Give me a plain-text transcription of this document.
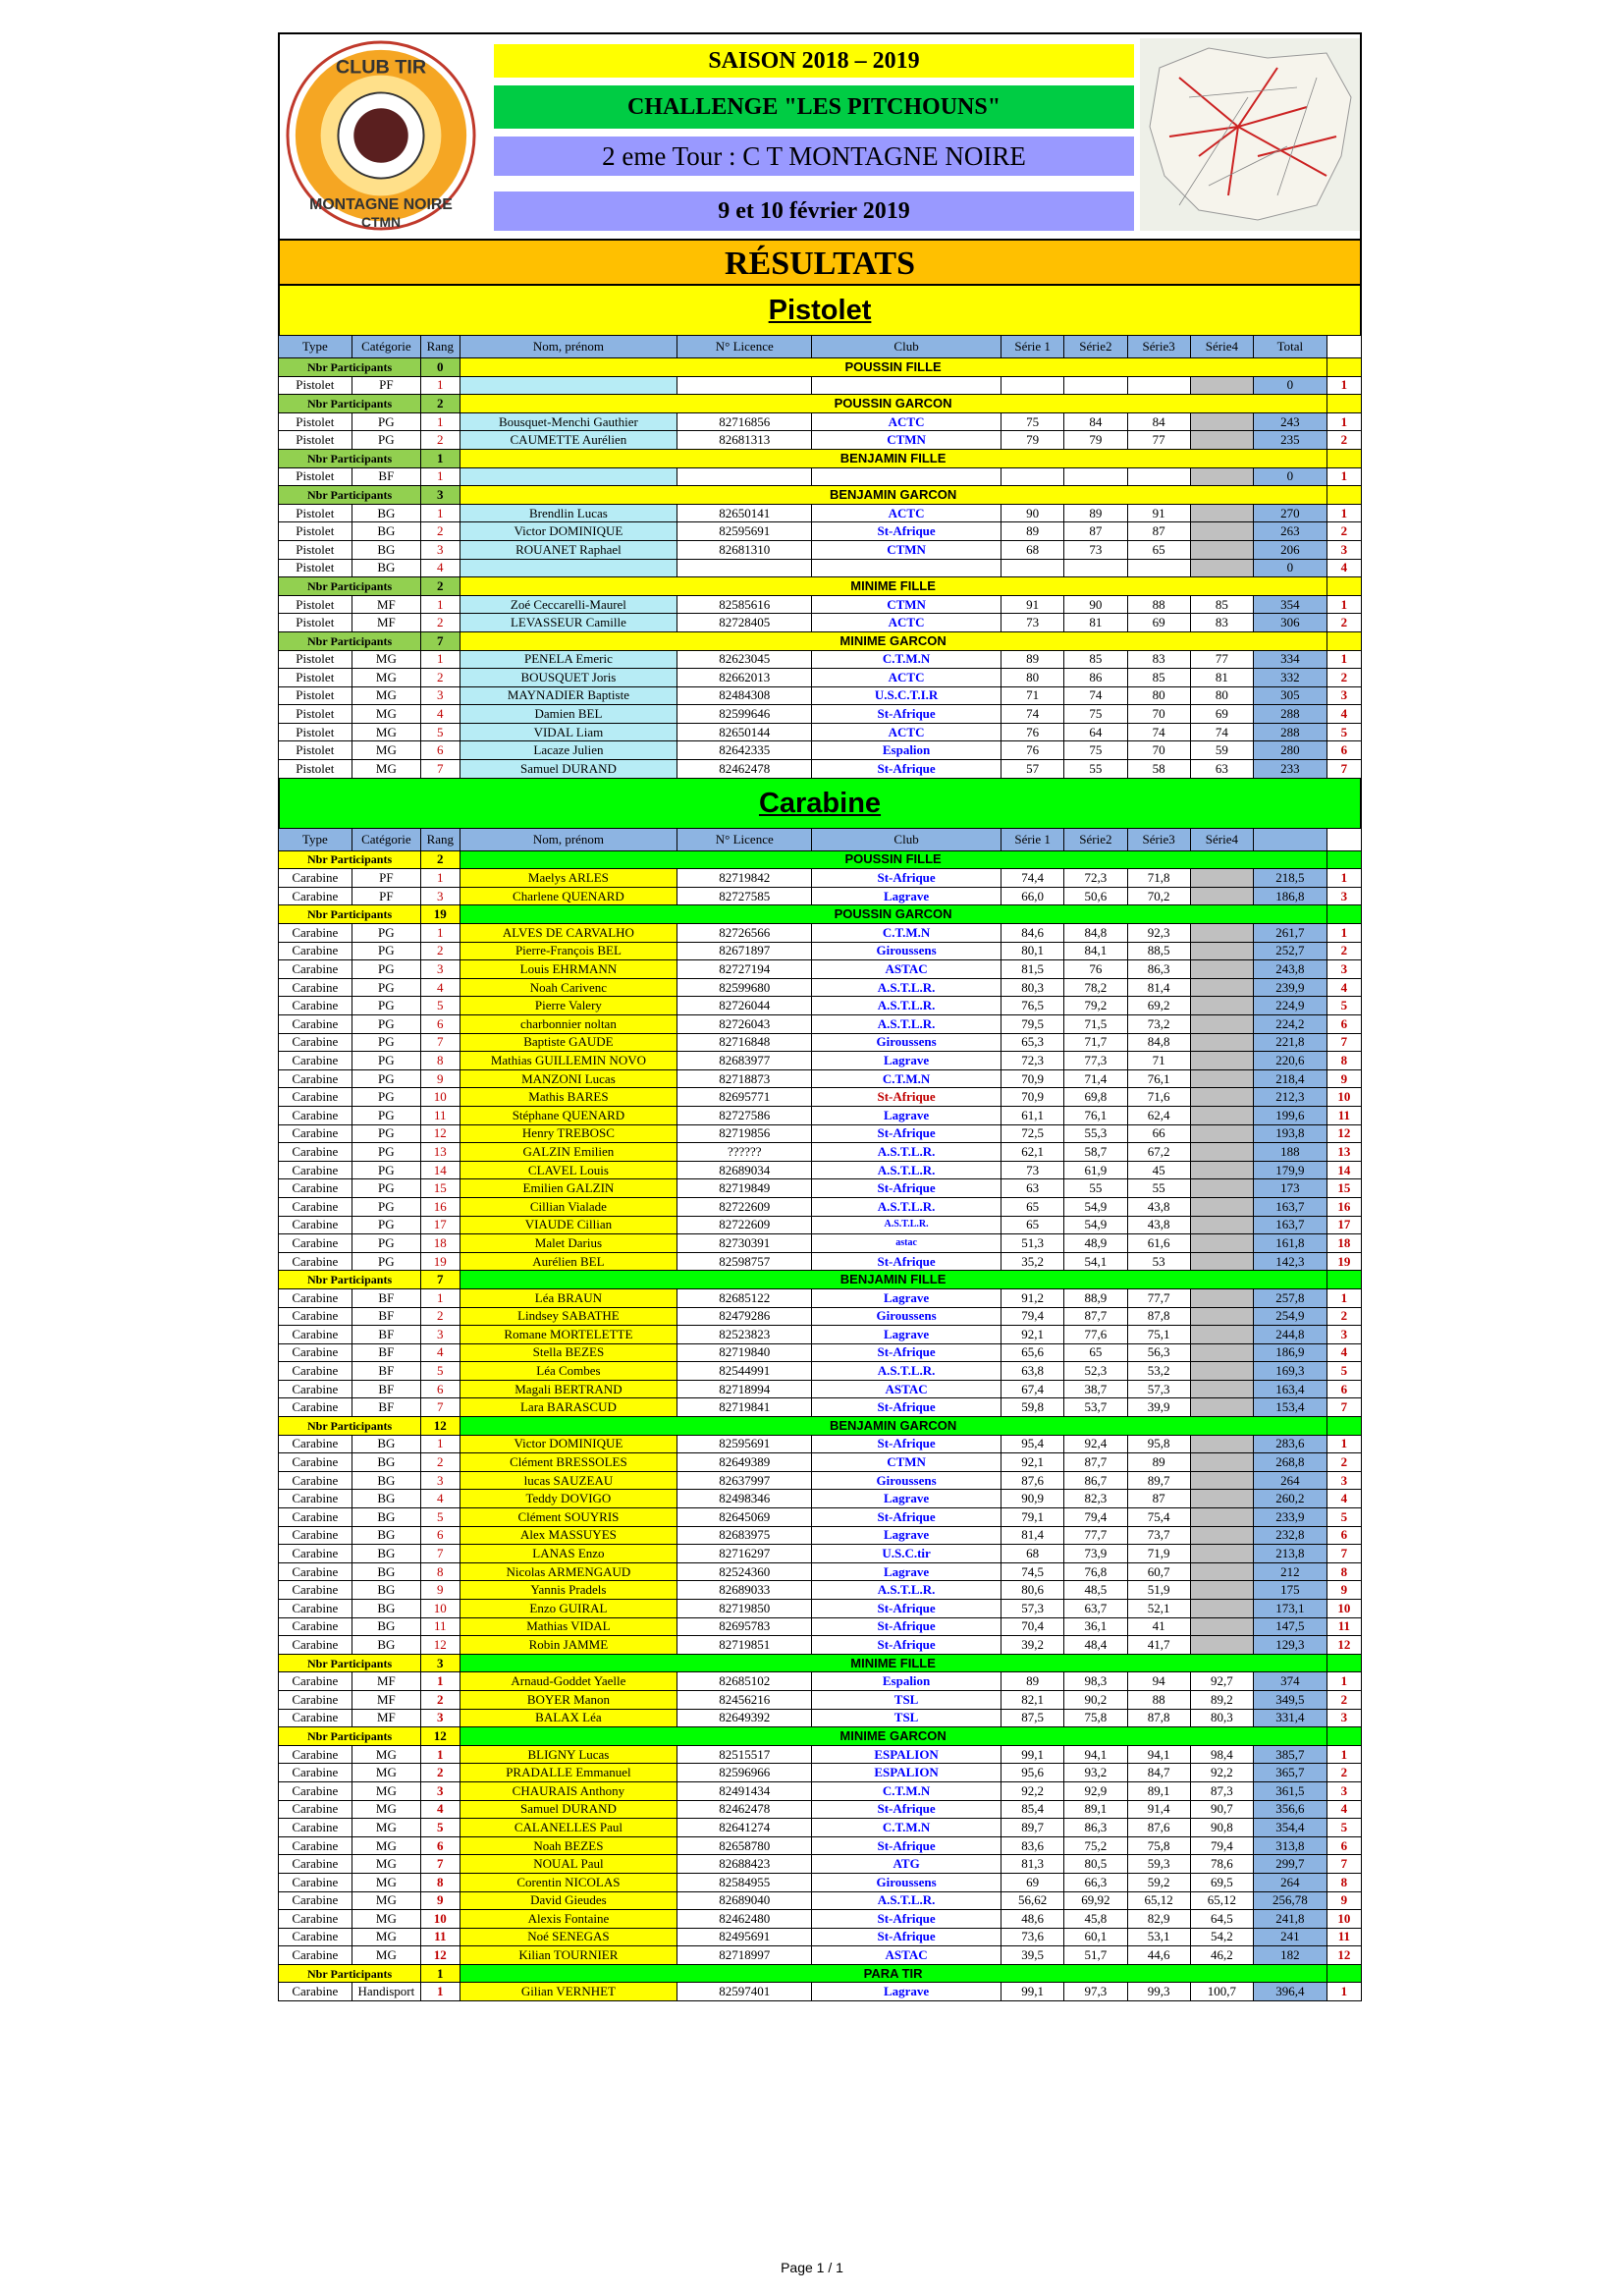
CLUB TIR
MONTAGNE NOIRE
CTMN
SAISON 2018 – 2019
CHALLENGE "LES PITCHOUNS"
2 eme Tour : C T MONTAGNE NOIRE
9 et 10 février 2019
RÉSULTATS
Pistolet
Type	Catégorie	Rang	Nom, prénom	N° Licence	Club	Série 1	Série2	Série3	Série4	Total	
Nbr Participants		0	POUSSIN FILLE								
Pistolet	PF	1								0	1
Nbr Participants		2	POUSSIN GARCON								
Pistolet	PG	1	Bousquet-Menchi Gauthier	82716856	ACTC	75	84	84		243	1
Pistolet	PG	2	CAUMETTE Aurélien	82681313	CTMN	79	79	77		235	2
Nbr Participants		1	BENJAMIN FILLE								
Pistolet	BF	1								0	1
Nbr Participants		3	BENJAMIN GARCON								
Pistolet	BG	1	Brendlin Lucas	82650141	ACTC	90	89	91		270	1
Pistolet	BG	2	Victor DOMINIQUE	82595691	St-Afrique	89	87	87		263	2
Pistolet	BG	3	ROUANET Raphael	82681310	CTMN	68	73	65		206	3
Pistolet	BG	4								0	4
Nbr Participants		2	MINIME FILLE								
Pistolet	MF	1	Zoé Ceccarelli-Maurel	82585616	CTMN	91	90	88	85	354	1
Pistolet	MF	2	LEVASSEUR Camille	82728405	ACTC	73	81	69	83	306	2
Nbr Participants		7	MINIME GARCON								
Pistolet	MG	1	PENELA Emeric	82623045	C.T.M.N	89	85	83	77	334	1
Pistolet	MG	2	BOUSQUET Joris	82662013	ACTC	80	86	85	81	332	2
Pistolet	MG	3	MAYNADIER Baptiste	82484308	U.S.C.T.I.R	71	74	80	80	305	3
Pistolet	MG	4	Damien BEL	82599646	St-Afrique	74	75	70	69	288	4
Pistolet	MG	5	VIDAL Liam	82650144	ACTC	76	64	74	74	288	5
Pistolet	MG	6	Lacaze Julien	82642335	Espalion	76	75	70	59	280	6
Pistolet	MG	7	Samuel DURAND	82462478	St-Afrique	57	55	58	63	233	7
Carabine
Type	Catégorie	Rang	Nom, prénom	N° Licence	Club	Série 1	Série2	Série3	Série4		
Nbr Participants		2	POUSSIN FILLE								
Carabine	PF	1	Maelys ARLES	82719842	St-Afrique	74,4	72,3	71,8		218,5	1
Carabine	PF	3	Charlene QUENARD	82727585	Lagrave	66,0	50,6	70,2		186,8	3
Nbr Participants		19	POUSSIN GARCON								
Carabine	PG	1	ALVES DE CARVALHO	82726566	C.T.M.N	84,6	84,8	92,3		261,7	1
Carabine	PG	2	Pierre-François BEL	82671897	Giroussens	80,1	84,1	88,5		252,7	2
Carabine	PG	3	Louis EHRMANN	82727194	ASTAC	81,5	76	86,3		243,8	3
Carabine	PG	4	Noah Carivenc	82599680	A.S.T.L.R.	80,3	78,2	81,4		239,9	4
Carabine	PG	5	Pierre Valery	82726044	A.S.T.L.R.	76,5	79,2	69,2		224,9	5
Carabine	PG	6	charbonnier noltan	82726043	A.S.T.L.R.	79,5	71,5	73,2		224,2	6
Carabine	PG	7	Baptiste GAUDE	82716848	Giroussens	65,3	71,7	84,8		221,8	7
Carabine	PG	8	Mathias GUILLEMIN NOVO	82683977	Lagrave	72,3	77,3	71		220,6	8
Carabine	PG	9	MANZONI Lucas	82718873	C.T.M.N	70,9	71,4	76,1		218,4	9
Carabine	PG	10	Mathis BARES	82695771	St-Afrique	70,9	69,8	71,6		212,3	10
Carabine	PG	11	Stéphane QUENARD	82727586	Lagrave	61,1	76,1	62,4		199,6	11
Carabine	PG	12	Henry TREBOSC	82719856	St-Afrique	72,5	55,3	66		193,8	12
Carabine	PG	13	GALZIN Emilien	??????	A.S.T.L.R.	62,1	58,7	67,2		188	13
Carabine	PG	14	CLAVEL Louis	82689034	A.S.T.L.R.	73	61,9	45		179,9	14
Carabine	PG	15	Emilien GALZIN	82719849	St-Afrique	63	55	55		173	15
Carabine	PG	16	Cillian Vialade	82722609	A.S.T.L.R.	65	54,9	43,8		163,7	16
Carabine	PG	17	VIAUDE Cillian	82722609	A.S.T.L.R.	65	54,9	43,8		163,7	17
Carabine	PG	18	Malet Darius	82730391	astac	51,3	48,9	61,6		161,8	18
Carabine	PG	19	Aurélien BEL	82598757	St-Afrique	35,2	54,1	53		142,3	19
Nbr Participants		7	BENJAMIN FILLE								
Carabine	BF	1	Léa BRAUN	82685122	Lagrave	91,2	88,9	77,7		257,8	1
Carabine	BF	2	Lindsey SABATHE	82479286	Giroussens	79,4	87,7	87,8		254,9	2
Carabine	BF	3	Romane MORTELETTE	82523823	Lagrave	92,1	77,6	75,1		244,8	3
Carabine	BF	4	Stella BEZES	82719840	St-Afrique	65,6	65	56,3		186,9	4
Carabine	BF	5	Léa Combes	82544991	A.S.T.L.R.	63,8	52,3	53,2		169,3	5
Carabine	BF	6	Magali BERTRAND	82718994	ASTAC	67,4	38,7	57,3		163,4	6
Carabine	BF	7	Lara BARASCUD	82719841	St-Afrique	59,8	53,7	39,9		153,4	7
Nbr Participants		12	BENJAMIN GARCON								
Carabine	BG	1	Victor DOMINIQUE	82595691	St-Afrique	95,4	92,4	95,8		283,6	1
Carabine	BG	2	Clément BRESSOLES	82649389	CTMN	92,1	87,7	89		268,8	2
Carabine	BG	3	lucas SAUZEAU	82637997	Giroussens	87,6	86,7	89,7		264	3
Carabine	BG	4	Teddy DOVIGO	82498346	Lagrave	90,9	82,3	87		260,2	4
Carabine	BG	5	Clément SOUYRIS	82645069	St-Afrique	79,1	79,4	75,4		233,9	5
Carabine	BG	6	Alex MASSUYES	82683975	Lagrave	81,4	77,7	73,7		232,8	6
Carabine	BG	7	LANAS Enzo	82716297	U.S.C.tir	68	73,9	71,9		213,8	7
Carabine	BG	8	Nicolas ARMENGAUD	82524360	Lagrave	74,5	76,8	60,7		212	8
Carabine	BG	9	Yannis Pradels	82689033	A.S.T.L.R.	80,6	48,5	51,9		175	9
Carabine	BG	10	Enzo GUIRAL	82719850	St-Afrique	57,3	63,7	52,1		173,1	10
Carabine	BG	11	Mathias VIDAL	82695783	St-Afrique	70,4	36,1	41		147,5	11
Carabine	BG	12	Robin JAMME	82719851	St-Afrique	39,2	48,4	41,7		129,3	12
Nbr Participants		3	MINIME FILLE								
Carabine	MF	1	Arnaud-Goddet Yaelle	82685102	Espalion	89	98,3	94	92,7	374	1
Carabine	MF	2	BOYER Manon	82456216	TSL	82,1	90,2	88	89,2	349,5	2
Carabine	MF	3	BALAX Léa	82649392	TSL	87,5	75,8	87,8	80,3	331,4	3
Nbr Participants		12	MINIME GARCON								
Carabine	MG	1	BLIGNY Lucas	82515517	ESPALION	99,1	94,1	94,1	98,4	385,7	1
Carabine	MG	2	PRADALLE Emmanuel	82596966	ESPALION	95,6	93,2	84,7	92,2	365,7	2
Carabine	MG	3	CHAURAIS Anthony	82491434	C.T.M.N	92,2	92,9	89,1	87,3	361,5	3
Carabine	MG	4	Samuel DURAND	82462478	St-Afrique	85,4	89,1	91,4	90,7	356,6	4
Carabine	MG	5	CALANELLES Paul	82641274	C.T.M.N	89,7	86,3	87,6	90,8	354,4	5
Carabine	MG	6	Noah BEZES	82658780	St-Afrique	83,6	75,2	75,8	79,4	313,8	6
Carabine	MG	7	NOUAL Paul	82688423	ATG	81,3	80,5	59,3	78,6	299,7	7
Carabine	MG	8	Corentin NICOLAS	82584955	Giroussens	69	66,3	59,2	69,5	264	8
Carabine	MG	9	David Gieudes	82689040	A.S.T.L.R.	56,62	69,92	65,12	65,12	256,78	9
Carabine	MG	10	Alexis Fontaine	82462480	St-Afrique	48,6	45,8	82,9	64,5	241,8	10
Carabine	MG	11	Noé SENEGAS	82495691	St-Afrique	73,6	60,1	53,1	54,2	241	11
Carabine	MG	12	Kilian TOURNIER	82718997	ASTAC	39,5	51,7	44,6	46,2	182	12
Nbr Participants		1	PARA TIR								
Carabine	Handisport	1	Gilian VERNHET	82597401	Lagrave	99,1	97,3	99,3	100,7	396,4	1
Page 1 / 1
